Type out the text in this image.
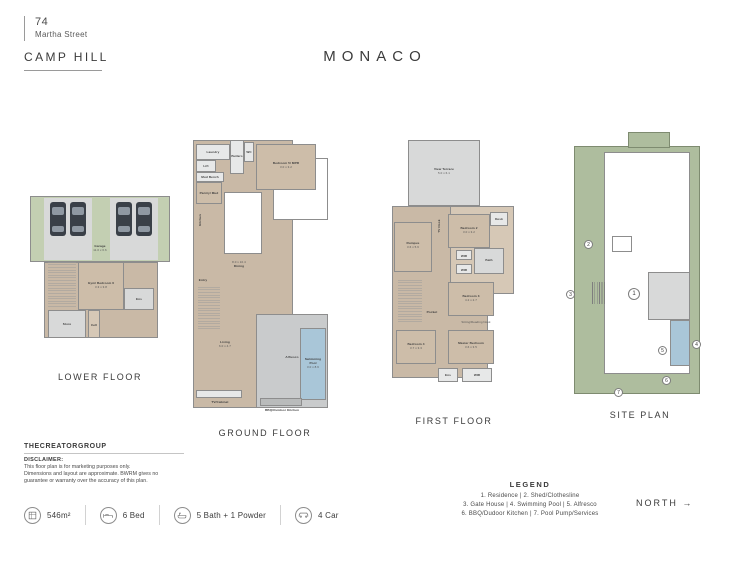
74
Martha Street
CAMP HILL	MONACO
Garage
11.0 x 6.6
Gym/ Bedroom 6
3.3 x 3.8
Ens
Cell
Store
LOWER FLOOR
Alfresco	Swimming Pool
3.0 x 8.6
Laundry
Lift
Mud Bench
Pantry/ Mud
Butlers
WC
Bedroom 5/ MPR
3.0 x 3.2
Kitchen
8.0 x 10.4
Dining
Entry
Living
6.0 x 4.7
TV/Cabinet
BBQ/Outdoor Kitchen
GROUND FLOOR
View Terrace
5.0 x 6.1
Rumpus
3.6 x 5.6
Bedroom 2
3.0 x 3.2
Desk
TV Nook
WIR
WIR
Bath
Bedroom 3
4.2 x 2.7
Sitting/Reading Nook
Bedroom 4
3.7 x 3.3
Master Bedroom
3.6 x 3.5
Ens	WIR
Pocket
FIRST FLOOR
1
2
3
4
5
6
7
SITE PLAN
THECREATORGROUP
DISCLAIMER:
This floor plan is for marketing purposes only. Dimensions and layout are approximate. BWRM gives no guarantee or warranty over the accuracy of this plan.
546m²	6 Bed	5 Bath + 1 Powder	4 Car
LEGEND
1. Residence | 2. Shed/Clothesline
3. Gate House | 4. Swimming Pool | 5. Alfresco
6. BBQ/Dudoor Kitchen | 7. Pool Pump/Services
NORTH →
